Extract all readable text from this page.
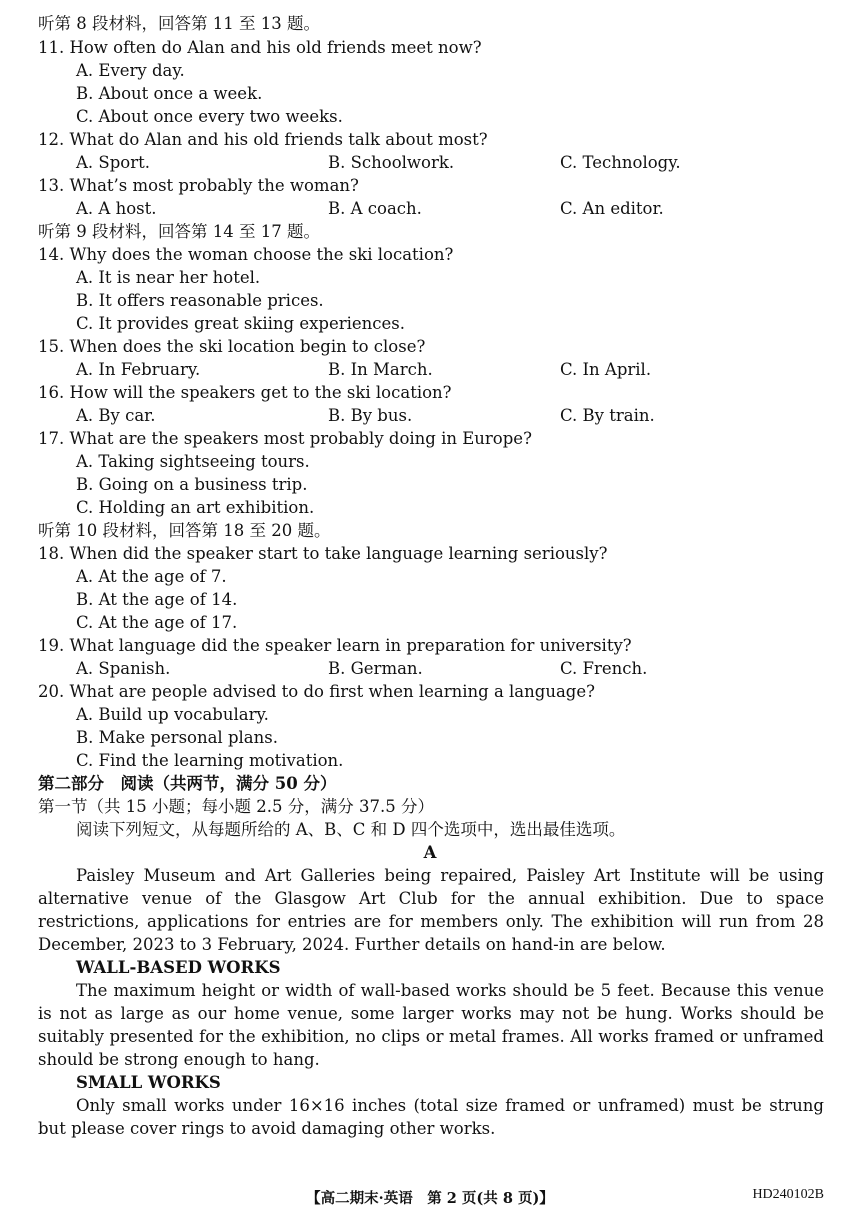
听第 8 段材料，回答第 11 至 13 题。
11. How often do Alan and his old friends meet now?
A. Every day.
B. About once a week.
C. About once every two weeks.
12. What do Alan and his old friends talk about most?
A. Sport.	B. Schoolwork.	C. Technology.
13. What’s most probably the woman?
A. A host.	B. A coach.	C. An editor.
听第 9 段材料，回答第 14 至 17 题。
14. Why does the woman choose the ski location?
A. It is near her hotel.
B. It offers reasonable prices.
C. It provides great skiing experiences.
15. When does the ski location begin to close?
A. In February.	B. In March.	C. In April.
16. How will the speakers get to the ski location?
A. By car.	B. By bus.	C. By train.
17. What are the speakers most probably doing in Europe?
A. Taking sightseeing tours.
B. Going on a business trip.
C. Holding an art exhibition.
听第 10 段材料，回答第 18 至 20 题。
18. When did the speaker start to take language learning seriously?
A. At the age of 7.
B. At the age of 14.
C. At the age of 17.
19. What language did the speaker learn in preparation for university?
A. Spanish.	B. German.	C. French.
20. What are people advised to do first when learning a language?
A. Build up vocabulary.
B. Make personal plans.
C. Find the learning motivation.
第二部分　阅读（共两节，满分 50 分）
第一节（共 15 小题；每小题 2.5 分，满分 37.5 分）
阅读下列短文，从每题所给的 A、B、C 和 D 四个选项中，选出最佳选项。
A
Paisley Museum and Art Galleries being repaired, Paisley Art Institute will be using alternative venue of the Glasgow Art Club for the annual exhibition. Due to space restrictions, applications for entries are for members only. The exhibition will run from 28 December, 2023 to 3 February, 2024. Further details on hand-in are below.
WALL-BASED WORKS
The maximum height or width of wall-based works should be 5 feet. Because this venue is not as large as our home venue, some larger works may not be hung. Works should be suitably presented for the exhibition, no clips or metal frames. All works framed or unframed should be strong enough to hang.
SMALL WORKS
Only small works under 16×16 inches (total size framed or unframed) must be strung but please cover rings to avoid damaging other works.
【高二期末·英语　第 2 页(共 8 页)】	HD240102B
